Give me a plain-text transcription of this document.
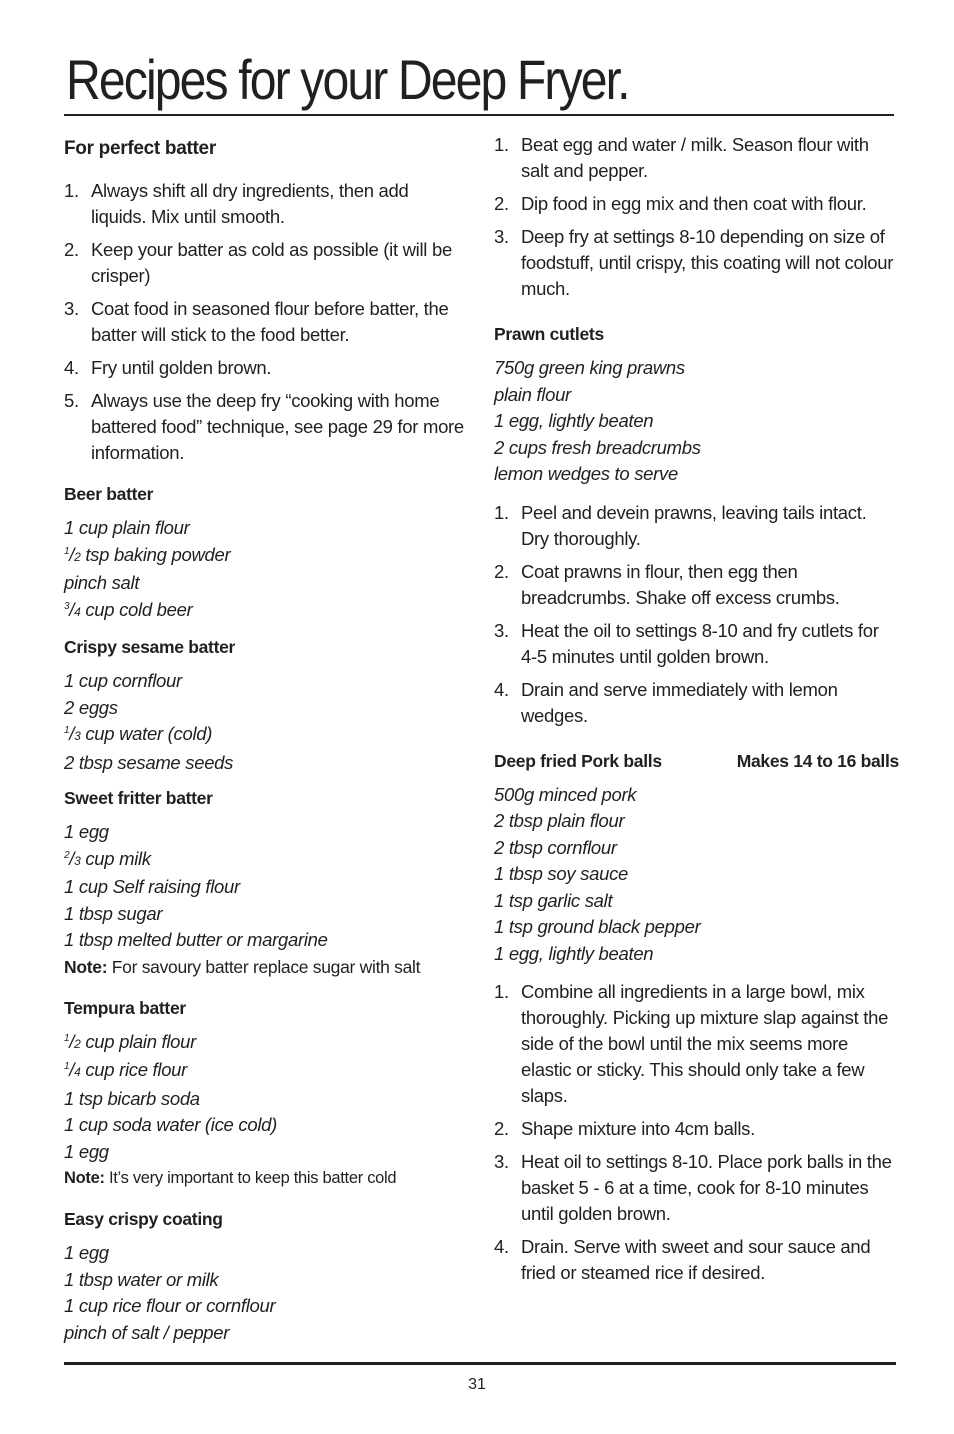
Recipes for your Deep Fryer.
For perfect batter
1. Always shift all dry ingredients, then add liquids. Mix until smooth.
2. Keep your batter as cold as possible (it will be crisper)
3. Coat food in seasoned flour before batter, the batter will stick to the food better.
4. Fry until golden brown.
5. Always use the deep fry “cooking with home battered food” technique, see page 29 for more information.
Beer batter
1 cup plain flour
$^1$/2 tsp baking powder
pinch salt
$^3$/4 cup cold beer
Crispy sesame batter
1 cup cornflour
2 eggs
$^1$/3 cup water (cold)
2 tbsp sesame seeds
Sweet fritter batter
1 egg
$^2$/3 cup milk
1 cup Self raising flour
1 tbsp sugar
1 tbsp melted butter or margarine
Note: For savoury batter replace sugar with salt
Tempura batter
$^1$/2 cup plain flour
$^1$/4 cup rice flour
1 tsp bicarb soda
1 cup soda water (ice cold)
1 egg
Note: It’s very important to keep this batter cold
Easy crispy coating
1 egg
1 tbsp water or milk
1 cup rice flour or cornflour
pinch of salt / pepper
1. Beat egg and water / milk. Season flour with salt and pepper.
2. Dip food in egg mix and then coat with flour.
3. Deep fry at settings 8-10 depending on size of foodstuff, until crispy, this coating will not colour much.
Prawn cutlets
750g green king prawns
plain flour
1 egg, lightly beaten
2 cups fresh breadcrumbs
lemon wedges to serve
1. Peel and devein prawns, leaving tails intact. Dry thoroughly.
2. Coat prawns in flour, then egg then breadcrumbs. Shake off excess crumbs.
3. Heat the oil to settings 8-10 and fry cutlets for 4-5 minutes until golden brown.
4. Drain and serve immediately with lemon wedges.
Deep fried Pork balls	Makes 14 to 16 balls
500g minced pork
2 tbsp plain flour
2 tbsp cornflour
1 tbsp soy sauce
1 tsp garlic salt
1 tsp ground black pepper
1 egg, lightly beaten
1. Combine all ingredients in a large bowl, mix thoroughly. Picking up mixture slap against the side of the bowl until the mix seems more elastic or sticky. This should only take a few slaps.
2. Shape mixture into 4cm balls.
3. Heat oil to settings 8-10. Place pork balls in the basket 5 - 6 at a time, cook for 8-10 minutes until golden brown.
4. Drain. Serve with sweet and sour sauce and fried or steamed rice if desired.
31
